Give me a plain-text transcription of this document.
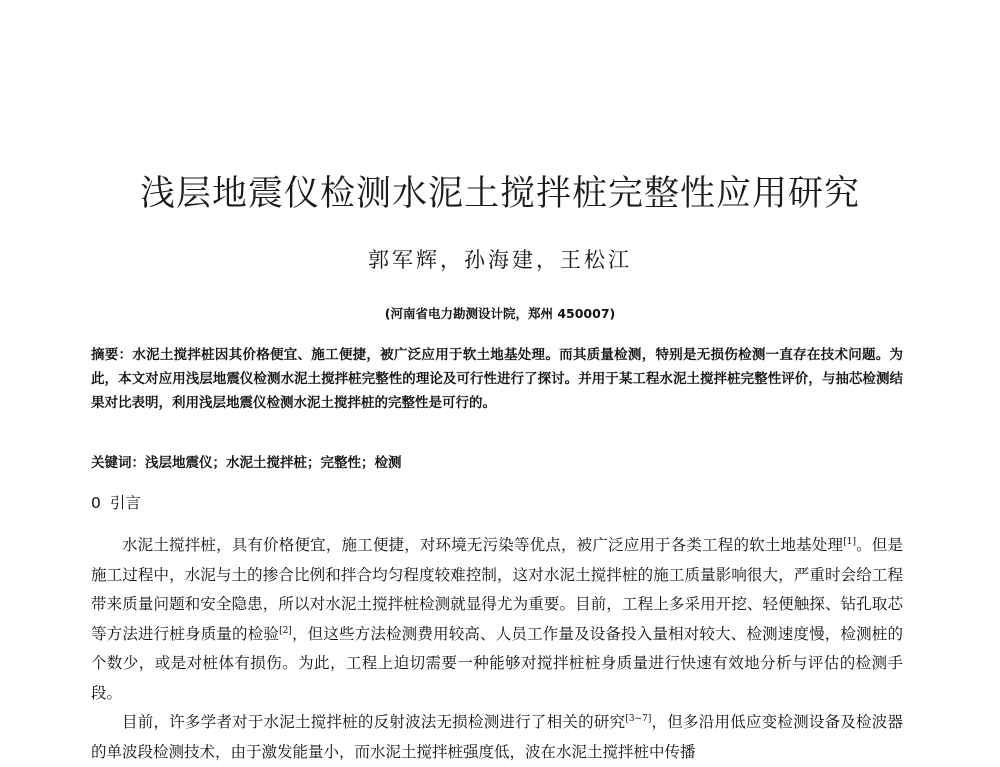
浅层地震仪检测水泥土搅拌桩完整性应用研究
郭军辉，孙海建，王松江
(河南省电力勘测设计院，郑州 450007)
摘要：水泥土搅拌桩因其价格便宜、施工便捷，被广泛应用于软土地基处理。而其质量检测，特别是无损伤检测一直存在技术问题。为此，本文对应用浅层地震仪检测水泥土搅拌桩完整性的理论及可行性进行了探讨。并用于某工程水泥土搅拌桩完整性评价，与抽芯检测结果对比表明，利用浅层地震仪检测水泥土搅拌桩的完整性是可行的。
关键词：浅层地震仪；水泥土搅拌桩；完整性；检测
0 引言

水泥土搅拌桩，具有价格便宜，施工便捷，对环境无污染等优点，被广泛应用于各类工程的软土地基处理[1]。但是施工过程中，水泥与土的掺合比例和拌合均匀程度较难控制，这对水泥土搅拌桩的施工质量影响很大，严重时会给工程带来质量问题和安全隐患，所以对水泥土搅拌桩检测就显得尤为重要。目前，工程上多采用开挖、轻便触探、钻孔取芯等方法进行桩身质量的检验[2]，但这些方法检测费用较高、人员工作量及设备投入量相对较大、检测速度慢，检测桩的个数少，或是对桩体有损伤。为此，工程上迫切需要一种能够对搅拌桩桩身质量进行快速有效地分析与评估的检测手段。

目前，许多学者对于水泥土搅拌桩的反射波法无损检测进行了相关的研究[3~7]，但多沿用低应变检测设备及检波器的单波段检测技术，由于激发能量小，而水泥土搅拌桩强度低，波在水泥土搅拌桩中传播
